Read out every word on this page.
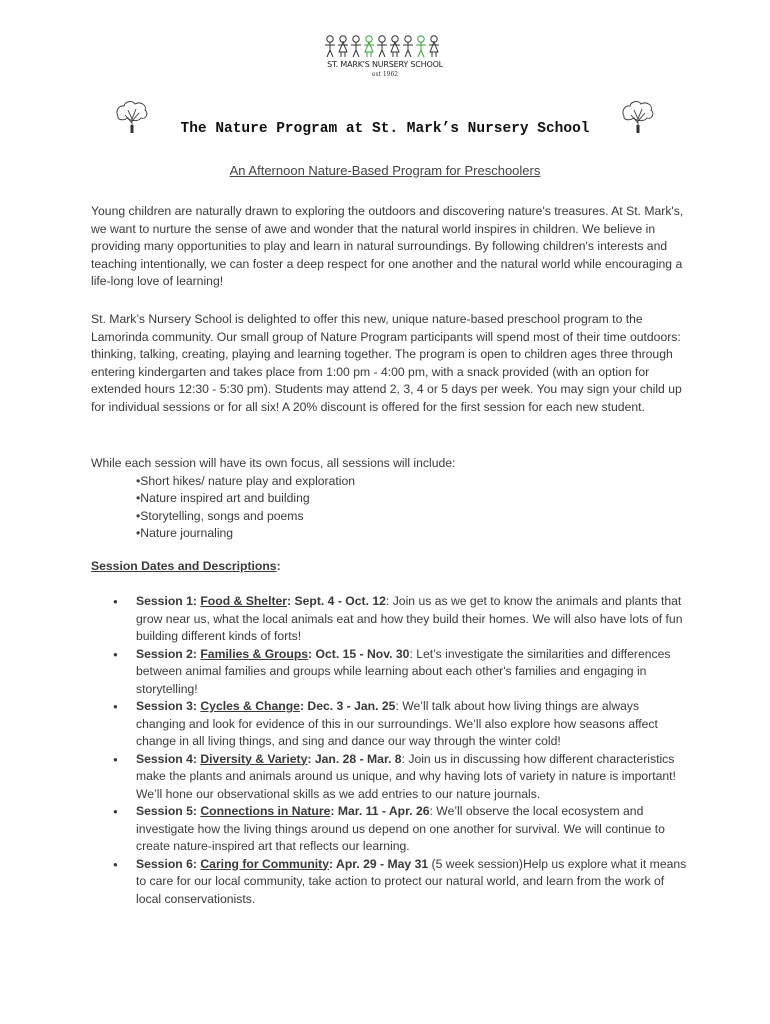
ST. MARK'S NURSERY SCHOOL
est 1962
The Nature Program at St. Mark’s Nursery School
An Afternoon Nature-Based Program for Preschoolers
Young children are naturally drawn to exploring the outdoors and discovering nature's treasures. At St. Mark's, we want to nurture the sense of awe and wonder that the natural world inspires in children. We believe in providing many opportunities to play and learn in natural surroundings. By following children's interests and teaching intentionally, we can foster a deep respect for one another and the natural world while encouraging a life-long love of learning!
St. Mark’s Nursery School is delighted to offer this new, unique nature-based preschool program to the Lamorinda community. Our small group of Nature Program participants will spend most of their time outdoors: thinking, talking, creating, playing and learning together. The program is open to children ages three through entering kindergarten and takes place from 1:00 pm - 4:00 pm, with a snack provided (with an option for extended hours 12:30 - 5:30 pm). Students may attend 2, 3, 4 or 5 days per week. You may sign your child up for individual sessions or for all six! A 20% discount is offered for the first session for each new student.
While each session will have its own focus, all sessions will include:
•Short hikes/ nature play and exploration
•Nature inspired art and building
•Storytelling, songs and poems
•Nature journaling
Session Dates and Descriptions:
● Session 1: Food & Shelter: Sept. 4 - Oct. 12: Join us as we get to know the animals and plants that grow near us, what the local animals eat and how they build their homes. We will also have lots of fun building different kinds of forts!
● Session 2: Families & Groups: Oct. 15 - Nov. 30: Let’s investigate the similarities and differences between animal families and groups while learning about each other's families and engaging in storytelling!
● Session 3: Cycles & Change: Dec. 3 - Jan. 25: We’ll talk about how living things are always changing and look for evidence of this in our surroundings. We’ll also explore how seasons affect change in all living things, and sing and dance our way through the winter cold!
● Session 4: Diversity & Variety: Jan. 28 - Mar. 8: Join us in discussing how different characteristics make the plants and animals around us unique, and why having lots of variety in nature is important! We’ll hone our observational skills as we add entries to our nature journals.
● Session 5: Connections in Nature: Mar. 11 - Apr. 26: We’ll observe the local ecosystem and investigate how the living things around us depend on one another for survival. We will continue to create nature-inspired art that reflects our learning.
● Session 6: Caring for Community: Apr. 29 - May 31 (5 week session)Help us explore what it means to care for our local community, take action to protect our natural world, and learn from the work of local conservationists.
